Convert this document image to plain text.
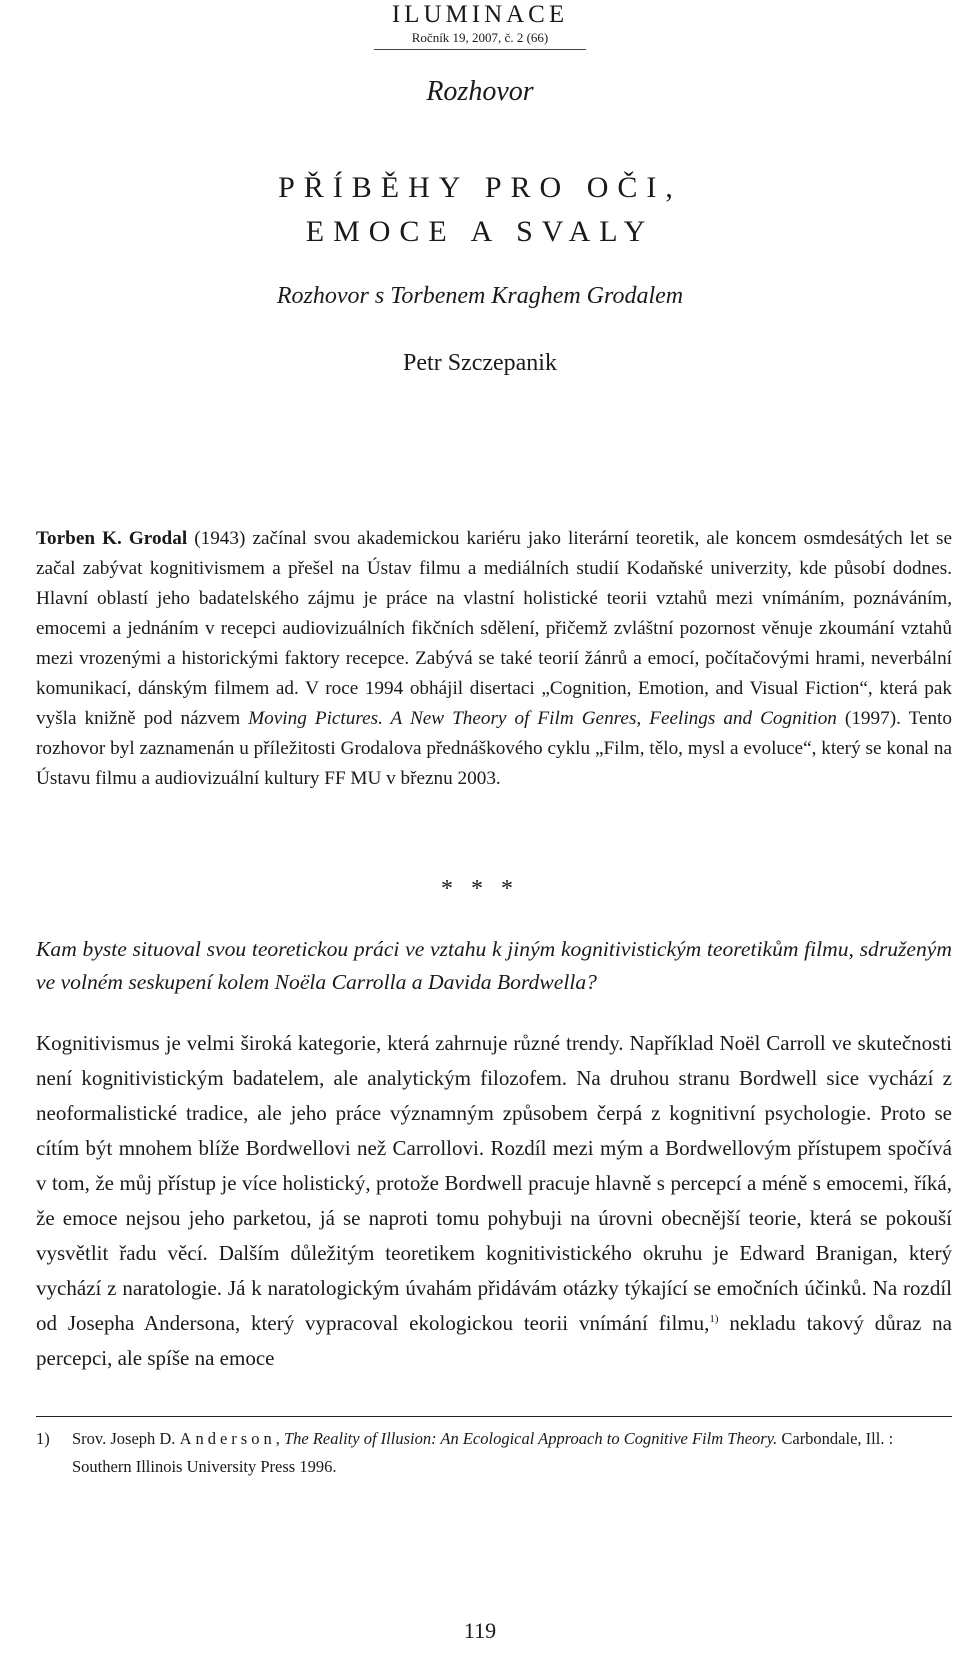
ILUMINACE
Ročník 19, 2007, č. 2 (66)
Rozhovor
PŘÍBĚHY PRO OČI,
EMOCE A SVALY
Rozhovor s Torbenem Kraghem Grodalem
Petr Szczepanik
Torben K. Grodal (1943) začínal svou akademickou kariéru jako literární teoretik, ale koncem osmdesátých let se začal zabývat kognitivismem a přešel na Ústav filmu a mediálních studií Kodaňské univerzity, kde působí dodnes. Hlavní oblastí jeho badatelského zájmu je práce na vlastní holistické teorii vztahů mezi vnímáním, poznáváním, emocemi a jednáním v recepci audiovizuálních fikčních sdělení, přičemž zvláštní pozornost věnuje zkoumání vztahů mezi vrozenými a historickými faktory recepce. Zabývá se také teorií žánrů a emocí, počítačovými hrami, neverbální komunikací, dánským filmem ad. V roce 1994 obhájil disertaci „Cognition, Emotion, and Visual Fiction“, která pak vyšla knižně pod názvem Moving Pictures. A New Theory of Film Genres, Feelings and Cognition (1997). Tento rozhovor byl zaznamenán u příležitosti Grodalova přednáškového cyklu „Film, tělo, mysl a evoluce“, který se konal na Ústavu filmu a audiovizuální kultury FF MU v březnu 2003.
* * *
Kam byste situoval svou teoretickou práci ve vztahu k jiným kognitivistickým teoretikům filmu, sdruženým ve volném seskupení kolem Noëla Carrolla a Davida Bordwella?
Kognitivismus je velmi široká kategorie, která zahrnuje různé trendy. Například Noël Carroll ve skutečnosti není kognitivistickým badatelem, ale analytickým filozofem. Na druhou stranu Bordwell sice vychází z neoformalistické tradice, ale jeho práce významným způsobem čerpá z kognitivní psychologie. Proto se cítím být mnohem blíže Bordwellovi než Carrollovi. Rozdíl mezi mým a Bordwellovým přístupem spočívá v tom, že můj přístup je více holistický, protože Bordwell pracuje hlavně s percepcí a méně s emocemi, říká, že emoce nejsou jeho parketou, já se naproti tomu pohybuji na úrovni obecnější teorie, která se pokouší vysvětlit řadu věcí. Dalším důležitým teoretikem kognitivistického okruhu je Edward Branigan, který vychází z naratologie. Já k naratologickým úvahám přidávám otázky týkající se emočních účinků. Na rozdíl od Josepha Andersona, který vypracoval ekologickou teorii vnímání filmu,$^{1)}$ nekladu takový důraz na percepci, ale spíše na emoce
1) Srov. Joseph D. Anderson, The Reality of Illusion: An Ecological Approach to Cognitive Film Theory. Carbondale, Ill. : Southern Illinois University Press 1996.
119
